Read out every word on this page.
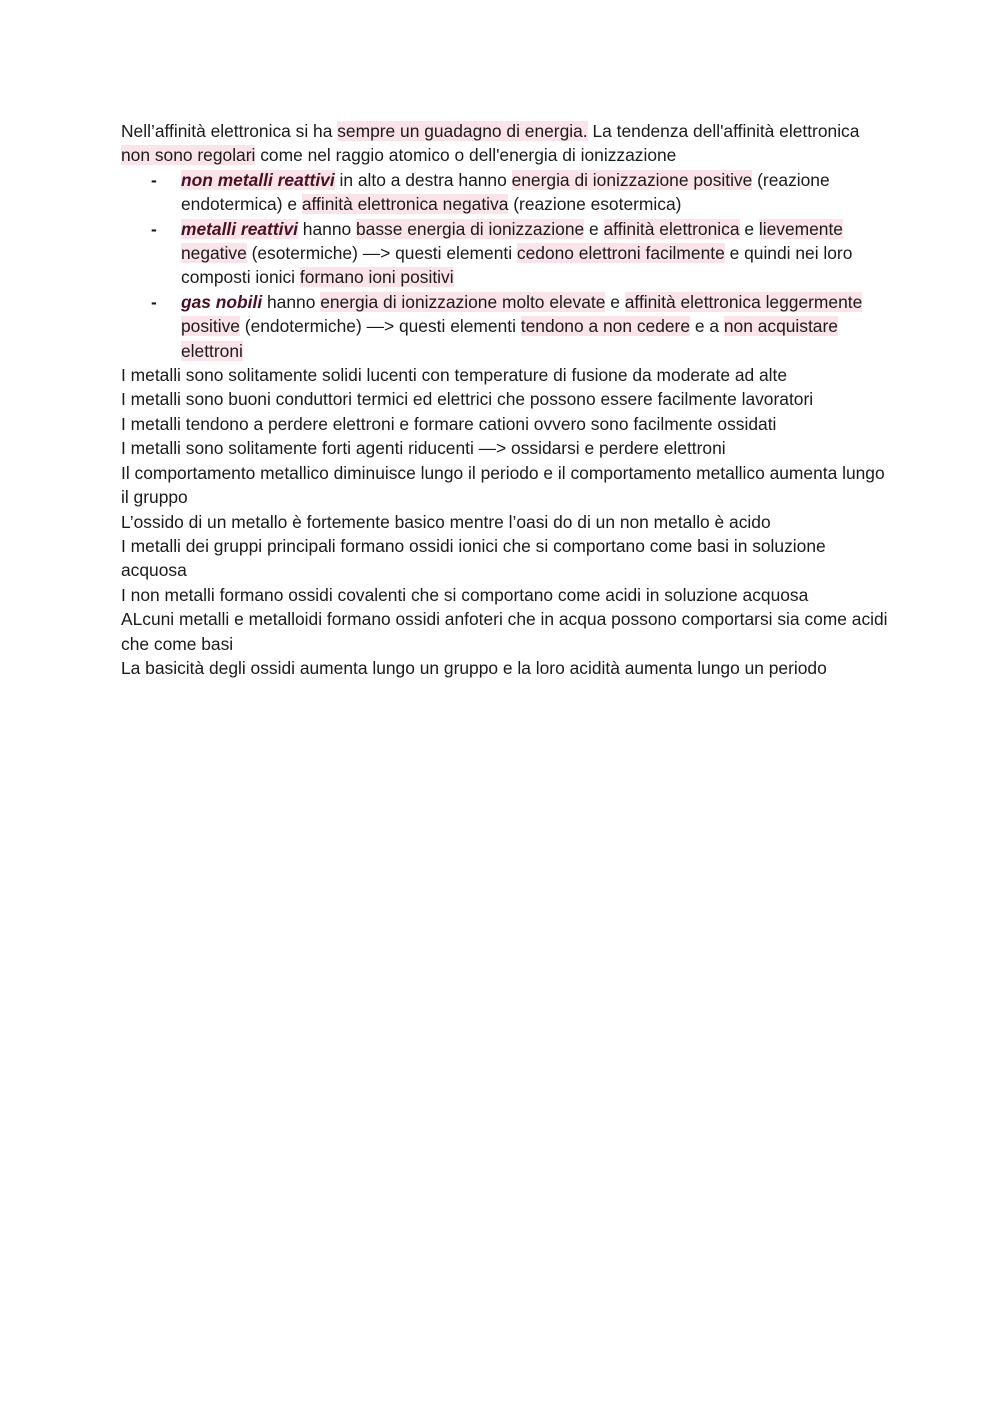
Nell’affinità elettronica si ha sempre un guadagno di energia. La tendenza dell'affinità elettronica non sono regolari come nel raggio atomico o dell'energia di ionizzazione

- non metalli reattivi in alto a destra hanno energia di ionizzazione positive (reazione endotermica) e affinità elettronica negativa (reazione esotermica)
- metalli reattivi hanno basse energia di ionizzazione e affinità elettronica e lievemente negative (esotermiche) —> questi elementi cedono elettroni facilmente e quindi nei loro composti ionici formano ioni positivi
- gas nobili hanno energia di ionizzazione molto elevate e affinità elettronica leggermente positive (endotermiche) —> questi elementi tendono a non cedere e a non acquistare elettroni

I metalli sono solitamente solidi lucenti con temperature di fusione da moderate ad alte

I metalli sono buoni conduttori termici ed elettrici che possono essere facilmente lavoratori

I metalli tendono a perdere elettroni e formare cationi ovvero sono facilmente ossidati

I metalli sono solitamente forti agenti riducenti —> ossidarsi e perdere elettroni

Il comportamento metallico diminuisce lungo il periodo e il comportamento metallico aumenta lungo il gruppo

L’ossido di un metallo è fortemente basico mentre l’oasi do di un non metallo è acido

I metalli dei gruppi principali formano ossidi ionici che si comportano come basi in soluzione acquosa

I non metalli formano ossidi covalenti che si comportano come acidi in soluzione acquosa

ALcuni metalli e metalloidi formano ossidi anfoteri che in acqua possono comportarsi sia come acidi che come basi

La basicità degli ossidi aumenta lungo un gruppo e la loro acidità aumenta lungo un periodo
